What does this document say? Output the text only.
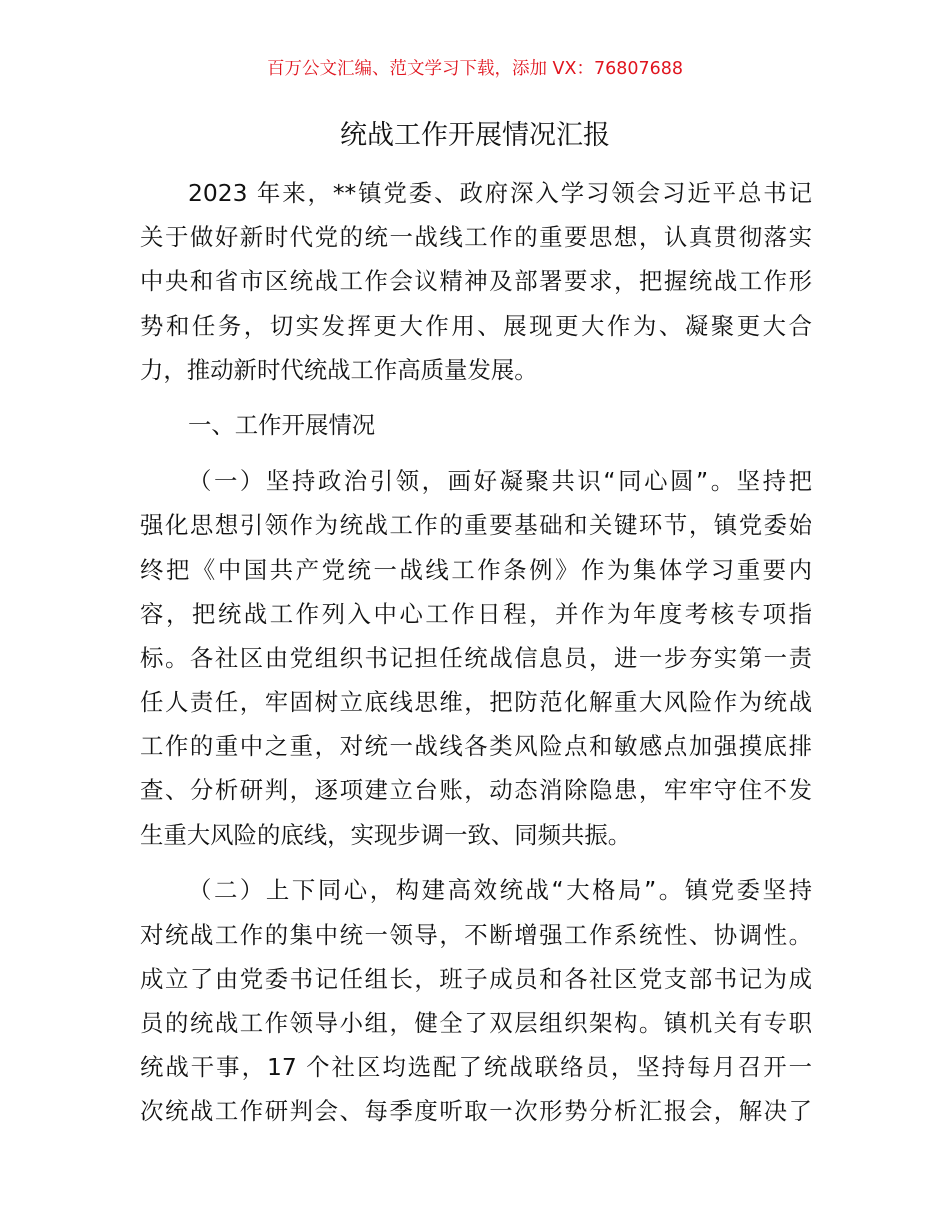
百万公文汇编、范文学习下载，添加 VX：76807688
统战工作开展情况汇报
2023 年来，**镇党委、政府深入学习领会习近平总书记
关于做好新时代党的统一战线工作的重要思想，认真贯彻落实
中央和省市区统战工作会议精神及部署要求，把握统战工作形
势和任务，切实发挥更大作用、展现更大作为、凝聚更大合
力，推动新时代统战工作高质量发展。
一、工作开展情况
（一）坚持政治引领，画好凝聚共识“同心圆”。坚持把
强化思想引领作为统战工作的重要基础和关键环节，镇党委始
终把《中国共产党统一战线工作条例》作为集体学习重要内
容，把统战工作列入中心工作日程，并作为年度考核专项指
标。各社区由党组织书记担任统战信息员，进一步夯实第一责
任人责任，牢固树立底线思维，把防范化解重大风险作为统战
工作的重中之重，对统一战线各类风险点和敏感点加强摸底排
查、分析研判，逐项建立台账，动态消除隐患，牢牢守住不发
生重大风险的底线，实现步调一致、同频共振。
（二）上下同心，构建高效统战“大格局”。镇党委坚持
对统战工作的集中统一领导，不断增强工作系统性、协调性。
成立了由党委书记任组长，班子成员和各社区党支部书记为成
员的统战工作领导小组，健全了双层组织架构。镇机关有专职
统战干事，17 个社区均选配了统战联络员，坚持每月召开一
次统战工作研判会、每季度听取一次形势分析汇报会，解决了
